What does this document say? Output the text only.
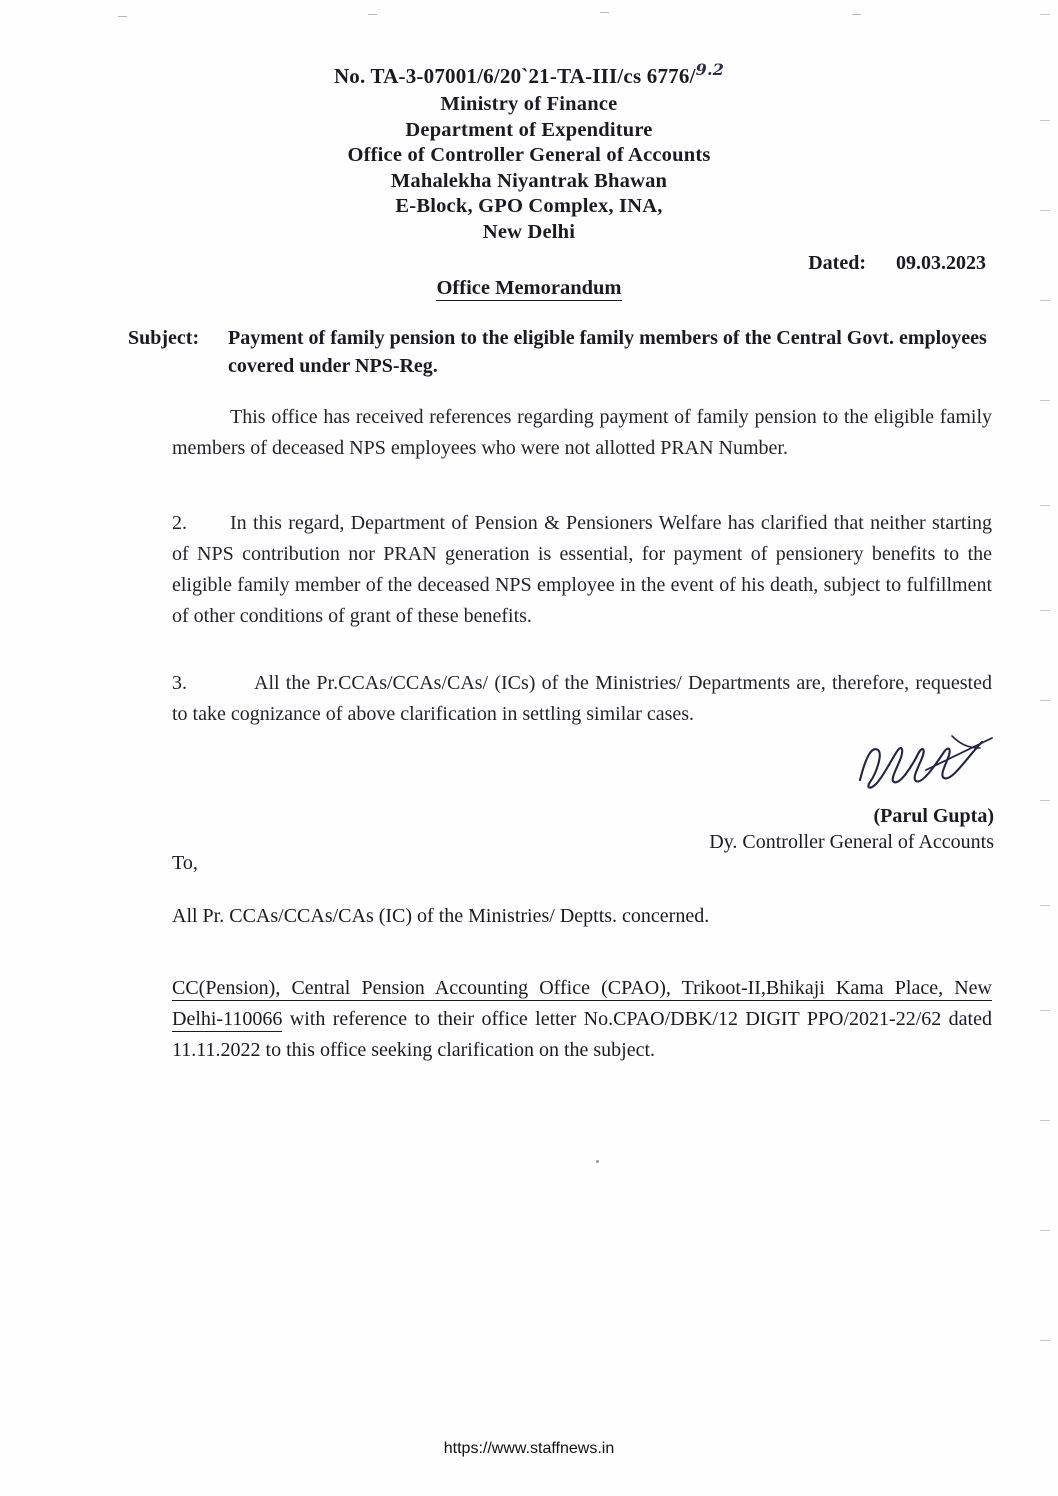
No. TA-3-07001/6/20`21-TA-III/cs 6776/$^{9.2}$
Ministry of Finance
Department of Expenditure
Office of Controller General of Accounts
Mahalekha Niyantrak Bhawan
E-Block, GPO Complex, INA,
New Delhi
Dated: 09.03.2023
Office Memorandum
Subject: Payment of family pension to the eligible family members of the Central Govt. employees covered under NPS-Reg.
This office has received references regarding payment of family pension to the eligible family members of deceased NPS employees who were not allotted PRAN Number.
2. In this regard, Department of Pension & Pensioners Welfare has clarified that neither starting of NPS contribution nor PRAN generation is essential, for payment of pensionery benefits to the eligible family member of the deceased NPS employee in the event of his death, subject to fulfillment of other conditions of grant of these benefits.
3.	All the Pr.CCAs/CCAs/CAs/ (ICs) of the Ministries/ Departments are, therefore, requested to take cognizance of above clarification in settling similar cases.
(Parul Gupta)
Dy. Controller General of Accounts
To,
All Pr. CCAs/CCAs/CAs (IC) of the Ministries/ Deptts. concerned.
CC(Pension), Central Pension Accounting Office (CPAO), Trikoot-II,Bhikaji Kama Place, New Delhi-110066 with reference to their office letter No.CPAO/DBK/12 DIGIT PPO/2021-22/62 dated 11.11.2022 to this office seeking clarification on the subject.
https://www.staffnews.in
